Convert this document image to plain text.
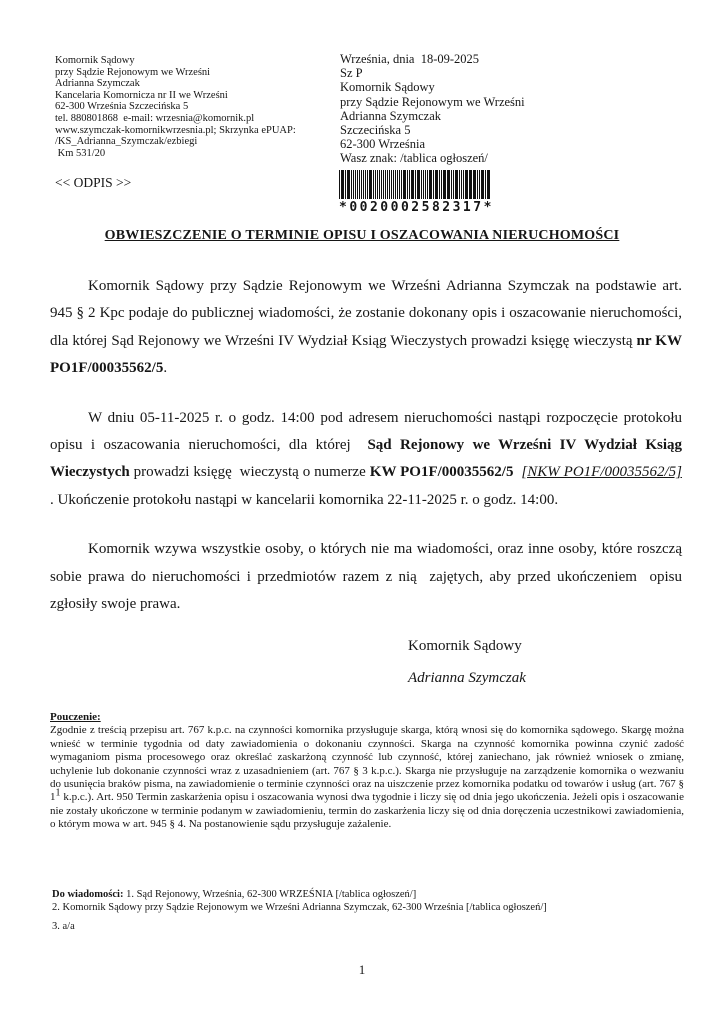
Komornik Sądowy
przy Sądzie Rejonowym we Wrześni
Adrianna Szymczak
Kancelaria Komornicza nr II we Wrześni
62-300 Września Szczecińska 5
tel. 880801868  e-mail: wrzesnia@komornik.pl
www.szymczak-komornikwrzesnia.pl; Skrzynka ePUAP:
/KS_Adrianna_Szymczak/ezbiegi
Km 531/20
<< ODPIS >>
Września, dnia  18-09-2025
Sz P
Komornik Sądowy
przy Sądzie Rejonowym we Wrześni
Adrianna Szymczak
Szczecińska 5
62-300 Września
Wasz znak: /tablica ogłoszeń/
*0020002582317*
OBWIESZCZENIE O TERMINIE OPISU I OSZACOWANIA NIERUCHOMOŚCI

Komornik Sądowy przy Sądzie Rejonowym we Wrześni Adrianna Szymczak na podstawie art. 945 § 2 Kpc podaje do publicznej wiadomości, że zostanie dokonany opis i oszacowanie nieruchomości, dla której Sąd Rejonowy we Wrześni IV Wydział Ksiąg Wieczystych prowadzi księgę wieczystą nr KW PO1F/00035562/5.

W dniu 05-11-2025 r. o godz. 14:00 pod adresem nieruchomości nastąpi rozpoczęcie protokołu opisu i oszacowania nieruchomości, dla której  Sąd Rejonowy we Wrześni IV Wydział Ksiąg Wieczystych prowadzi księgę  wieczystą o numerze KW PO1F/00035562/5 [NKW PO1F/00035562/5] . Ukończenie protokołu nastąpi w kancelarii komornika 22-11-2025 r. o godz. 14:00.

Komornik wzywa wszystkie osoby, o których nie ma wiadomości, oraz inne osoby, które roszczą sobie prawa do nieruchomości i przedmiotów razem z nią  zajętych, aby przed ukończeniem  opisu zgłosiły swoje prawa.

Komornik Sądowy
Adrianna Szymczak
Pouczenie:
Zgodnie z treścią przepisu art. 767 k.p.c. na czynności komornika przysługuje skarga, którą wnosi się do komornika sądowego. Skargę można wnieść w terminie tygodnia od daty zawiadomienia o dokonaniu czynności. Skarga na czynność komornika powinna czynić zadość wymaganiom pisma procesowego oraz określać zaskarżoną czynność lub czynność, której zaniechano, jak również wniosek o zmianę, uchylenie lub dokonanie czynności wraz z uzasadnieniem (art. 767 § 3 k.p.c.). Skarga nie przysługuje na zarządzenie komornika o wezwaniu do usunięcia braków pisma, na zawiadomienie o terminie czynności oraz na uiszczenie przez komornika podatku od towarów i usług (art. 767 § $1^1$ k.p.c.). Art. 950 Termin zaskarżenia opisu i oszacowania wynosi dwa tygodnie i liczy się od dnia jego ukończenia. Jeżeli opis i oszacowanie nie zostały ukończone w terminie podanym w zawiadomieniu, termin do zaskarżenia liczy się od dnia doręczenia uczestnikowi zawiadomienia, o którym mowa w art. 945 § 4. Na postanowienie sądu przysługuje zażalenie.
Do wiadomości: 1. Sąd Rejonowy, Września, 62-300 WRZEŚNIA [/tablica ogłoszeń/]
2. Komornik Sądowy przy Sądzie Rejonowym we Wrześni Adrianna Szymczak, 62-300 Września [/tablica ogłoszeń/]
3. a/a
1
